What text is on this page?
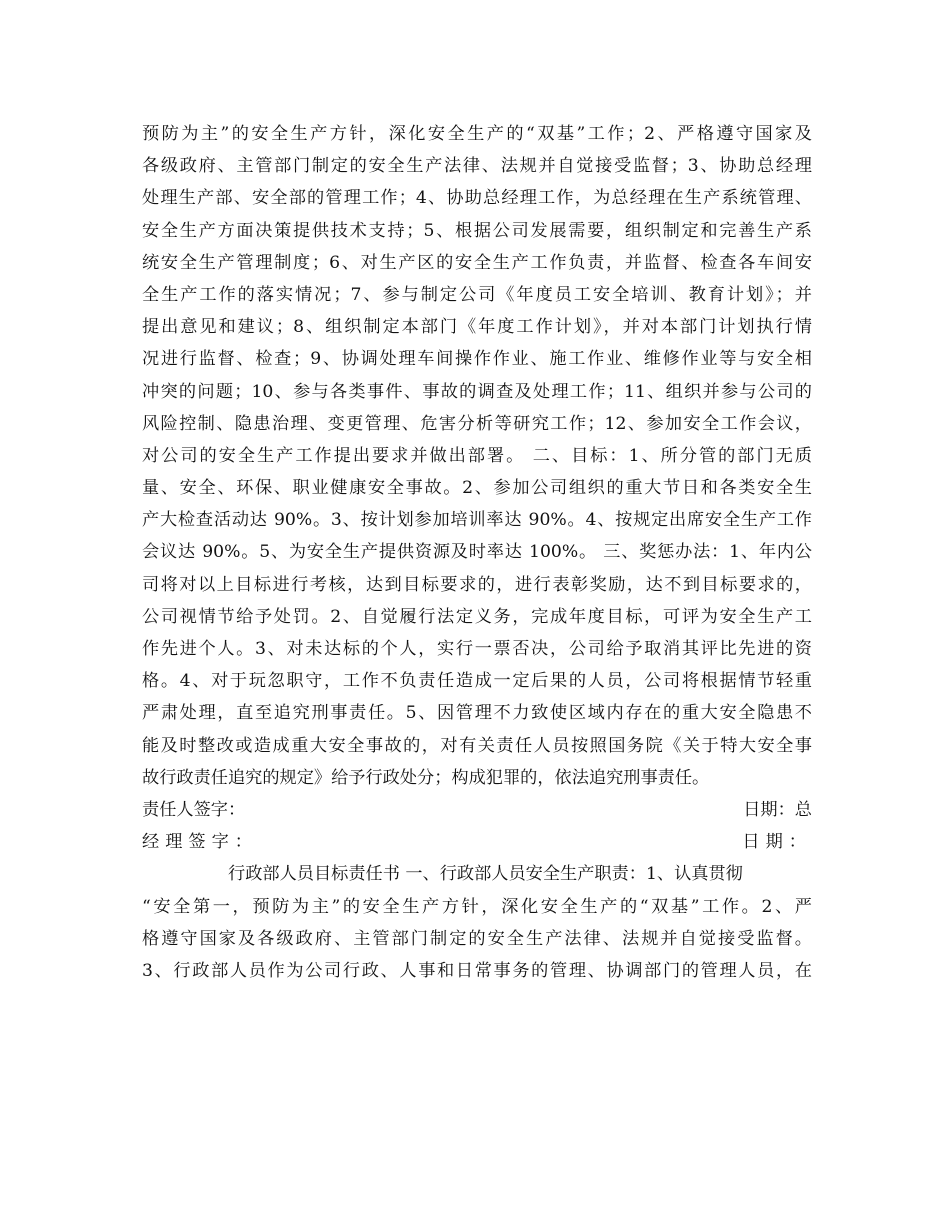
预防为主”的安全生产方针，深化安全生产的“双基”工作；2、严格遵守国家及
各级政府、主管部门制定的安全生产法律、法规并自觉接受监督；3、协助总经理
处理生产部、安全部的管理工作；4、协助总经理工作，为总经理在生产系统管理、
安全生产方面决策提供技术支持；5、根据公司发展需要，组织制定和完善生产系
统安全生产管理制度；6、对生产区的安全生产工作负责，并监督、检查各车间安
全生产工作的落实情况；7、参与制定公司《年度员工安全培训、教育计划》；并
提出意见和建议；8、组织制定本部门《年度工作计划》，并对本部门计划执行情
况进行监督、检查；9、协调处理车间操作作业、施工作业、维修作业等与安全相
冲突的问题；10、参与各类事件、事故的调查及处理工作；11、组织并参与公司的
风险控制、隐患治理、变更管理、危害分析等研究工作；12、参加安全工作会议，
对公司的安全生产工作提出要求并做出部署。 二、目标：1、所分管的部门无质
量、安全、环保、职业健康安全事故。2、参加公司组织的重大节日和各类安全生
产大检查活动达 90%。3、按计划参加培训率达 90%。4、按规定出席安全生产工作
会议达 90%。5、为安全生产提供资源及时率达 100%。 三、奖惩办法：1、年内公
司将对以上目标进行考核，达到目标要求的，进行表彰奖励，达不到目标要求的，
公司视情节给予处罚。2、自觉履行法定义务，完成年度目标，可评为安全生产工
作先进个人。3、对未达标的个人，实行一票否决，公司给予取消其评比先进的资
格。4、对于玩忽职守，工作不负责任造成一定后果的人员，公司将根据情节轻重
严肃处理，直至追究刑事责任。5、因管理不力致使区域内存在的重大安全隐患不
能及时整改或造成重大安全事故的，对有关责任人员按照国务院《关于特大安全事
故行政责任追究的规定》给予行政处分；构成犯罪的，依法追究刑事责任。
责任人签字：	日期：总
经理签字：	日期：
行政部人员目标责任书 一、行政部人员安全生产职责：1、认真贯彻
“安全第一，预防为主”的安全生产方针，深化安全生产的“双基”工作。2、严
格遵守国家及各级政府、主管部门制定的安全生产法律、法规并自觉接受监督。
3、行政部人员作为公司行政、人事和日常事务的管理、协调部门的管理人员，在
